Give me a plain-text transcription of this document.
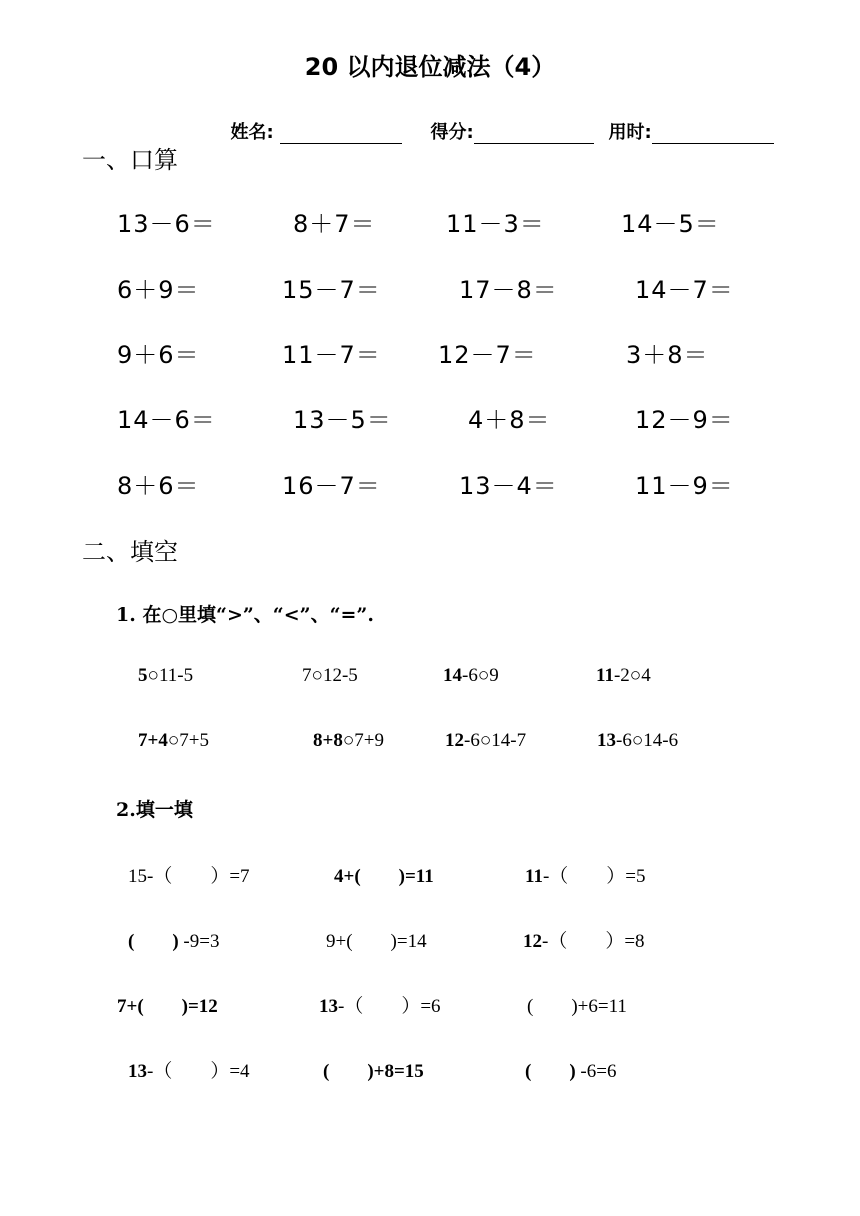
20 以内退位减法（4）

姓名:	得分:	用时:

一、口算
13－6＝	8＋7＝	11－3＝	14－5＝
6＋9＝	15－7＝	17－8＝	14－7＝
9＋6＝	11－7＝ 12－7＝	3＋8＝
14－6＝	13－5＝	4＋8＝	12－9＝
8＋6＝	16－7＝	13－4＝	11－9＝
二、填空
1. 在○里填“>”、“<”、“=”.
5○11-5	7○12-5	14-6○9	11-2○4
7+4○7+5	8+8○7+9	12-6○14-7	13-6○14-6
2.填一填
15-（　　）=7	4+(　　)=11	11-（　　）=5
(　　) -9=3	9+(　　)=14	12-（　　）=8
7+(　　)=12	13-（　　）=6	(　　)+6=11
13-（　　）=4	(　　)+8=15	(　　) -6=6
